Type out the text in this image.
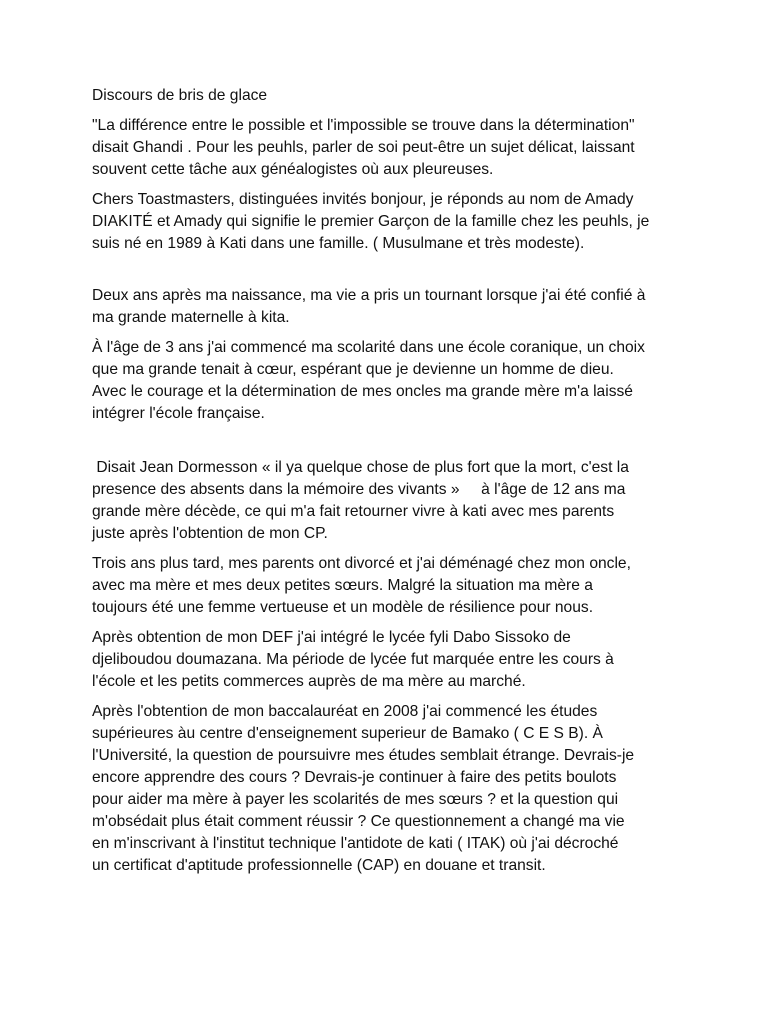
Discours de bris de glace

"La différence entre le possible et l'impossible se trouve dans la détermination"
disait Ghandi . Pour les peuhls, parler de soi peut-être un sujet délicat, laissant
souvent cette tâche aux généalogistes où aux pleureuses.

Chers Toastmasters, distinguées invités bonjour, je réponds au nom de Amady
DIAKITÉ et Amady qui signifie le premier Garçon de la famille chez les peuhls, je
suis né en 1989 à Kati dans une famille. ( Musulmane et très modeste).

Deux ans après ma naissance, ma vie a pris un tournant lorsque j'ai été confié à
ma grande maternelle à kita.

À l'âge de 3 ans j'ai commencé ma scolarité dans une école coranique, un choix
que ma grande tenait à cœur, espérant que je devienne un homme de dieu.
Avec le courage et la détermination de mes oncles ma grande mère m'a laissé
intégrer l'école française.

Disait Jean Dormesson « il ya quelque chose de plus fort que la mort, c'est la
presence des absents dans la mémoire des vivants »     à l'âge de 12 ans ma
grande mère décède, ce qui m'a fait retourner vivre à kati avec mes parents
juste après l'obtention de mon CP.

Trois ans plus tard, mes parents ont divorcé et j'ai déménagé chez mon oncle,
avec ma mère et mes deux petites sœurs. Malgré la situation ma mère a
toujours été une femme vertueuse et un modèle de résilience pour nous.

Après obtention de mon DEF j'ai intégré le lycée fyli Dabo Sissoko de
djeliboudou doumazana. Ma période de lycée fut marquée entre les cours à
l'école et les petits commerces auprès de ma mère au marché.

Après l'obtention de mon baccalauréat en 2008 j'ai commencé les études
supérieures àu centre d'enseignement superieur de Bamako ( C E S B). À
l'Université, la question de poursuivre mes études semblait étrange. Devrais-je
encore apprendre des cours ? Devrais-je continuer à faire des petits boulots
pour aider ma mère à payer les scolarités de mes sœurs ? et la question qui
m'obsédait plus était comment réussir ? Ce questionnement a changé ma vie
en m'inscrivant à l'institut technique l'antidote de kati ( ITAK) où j'ai décroché
un certificat d'aptitude professionnelle (CAP) en douane et transit.
